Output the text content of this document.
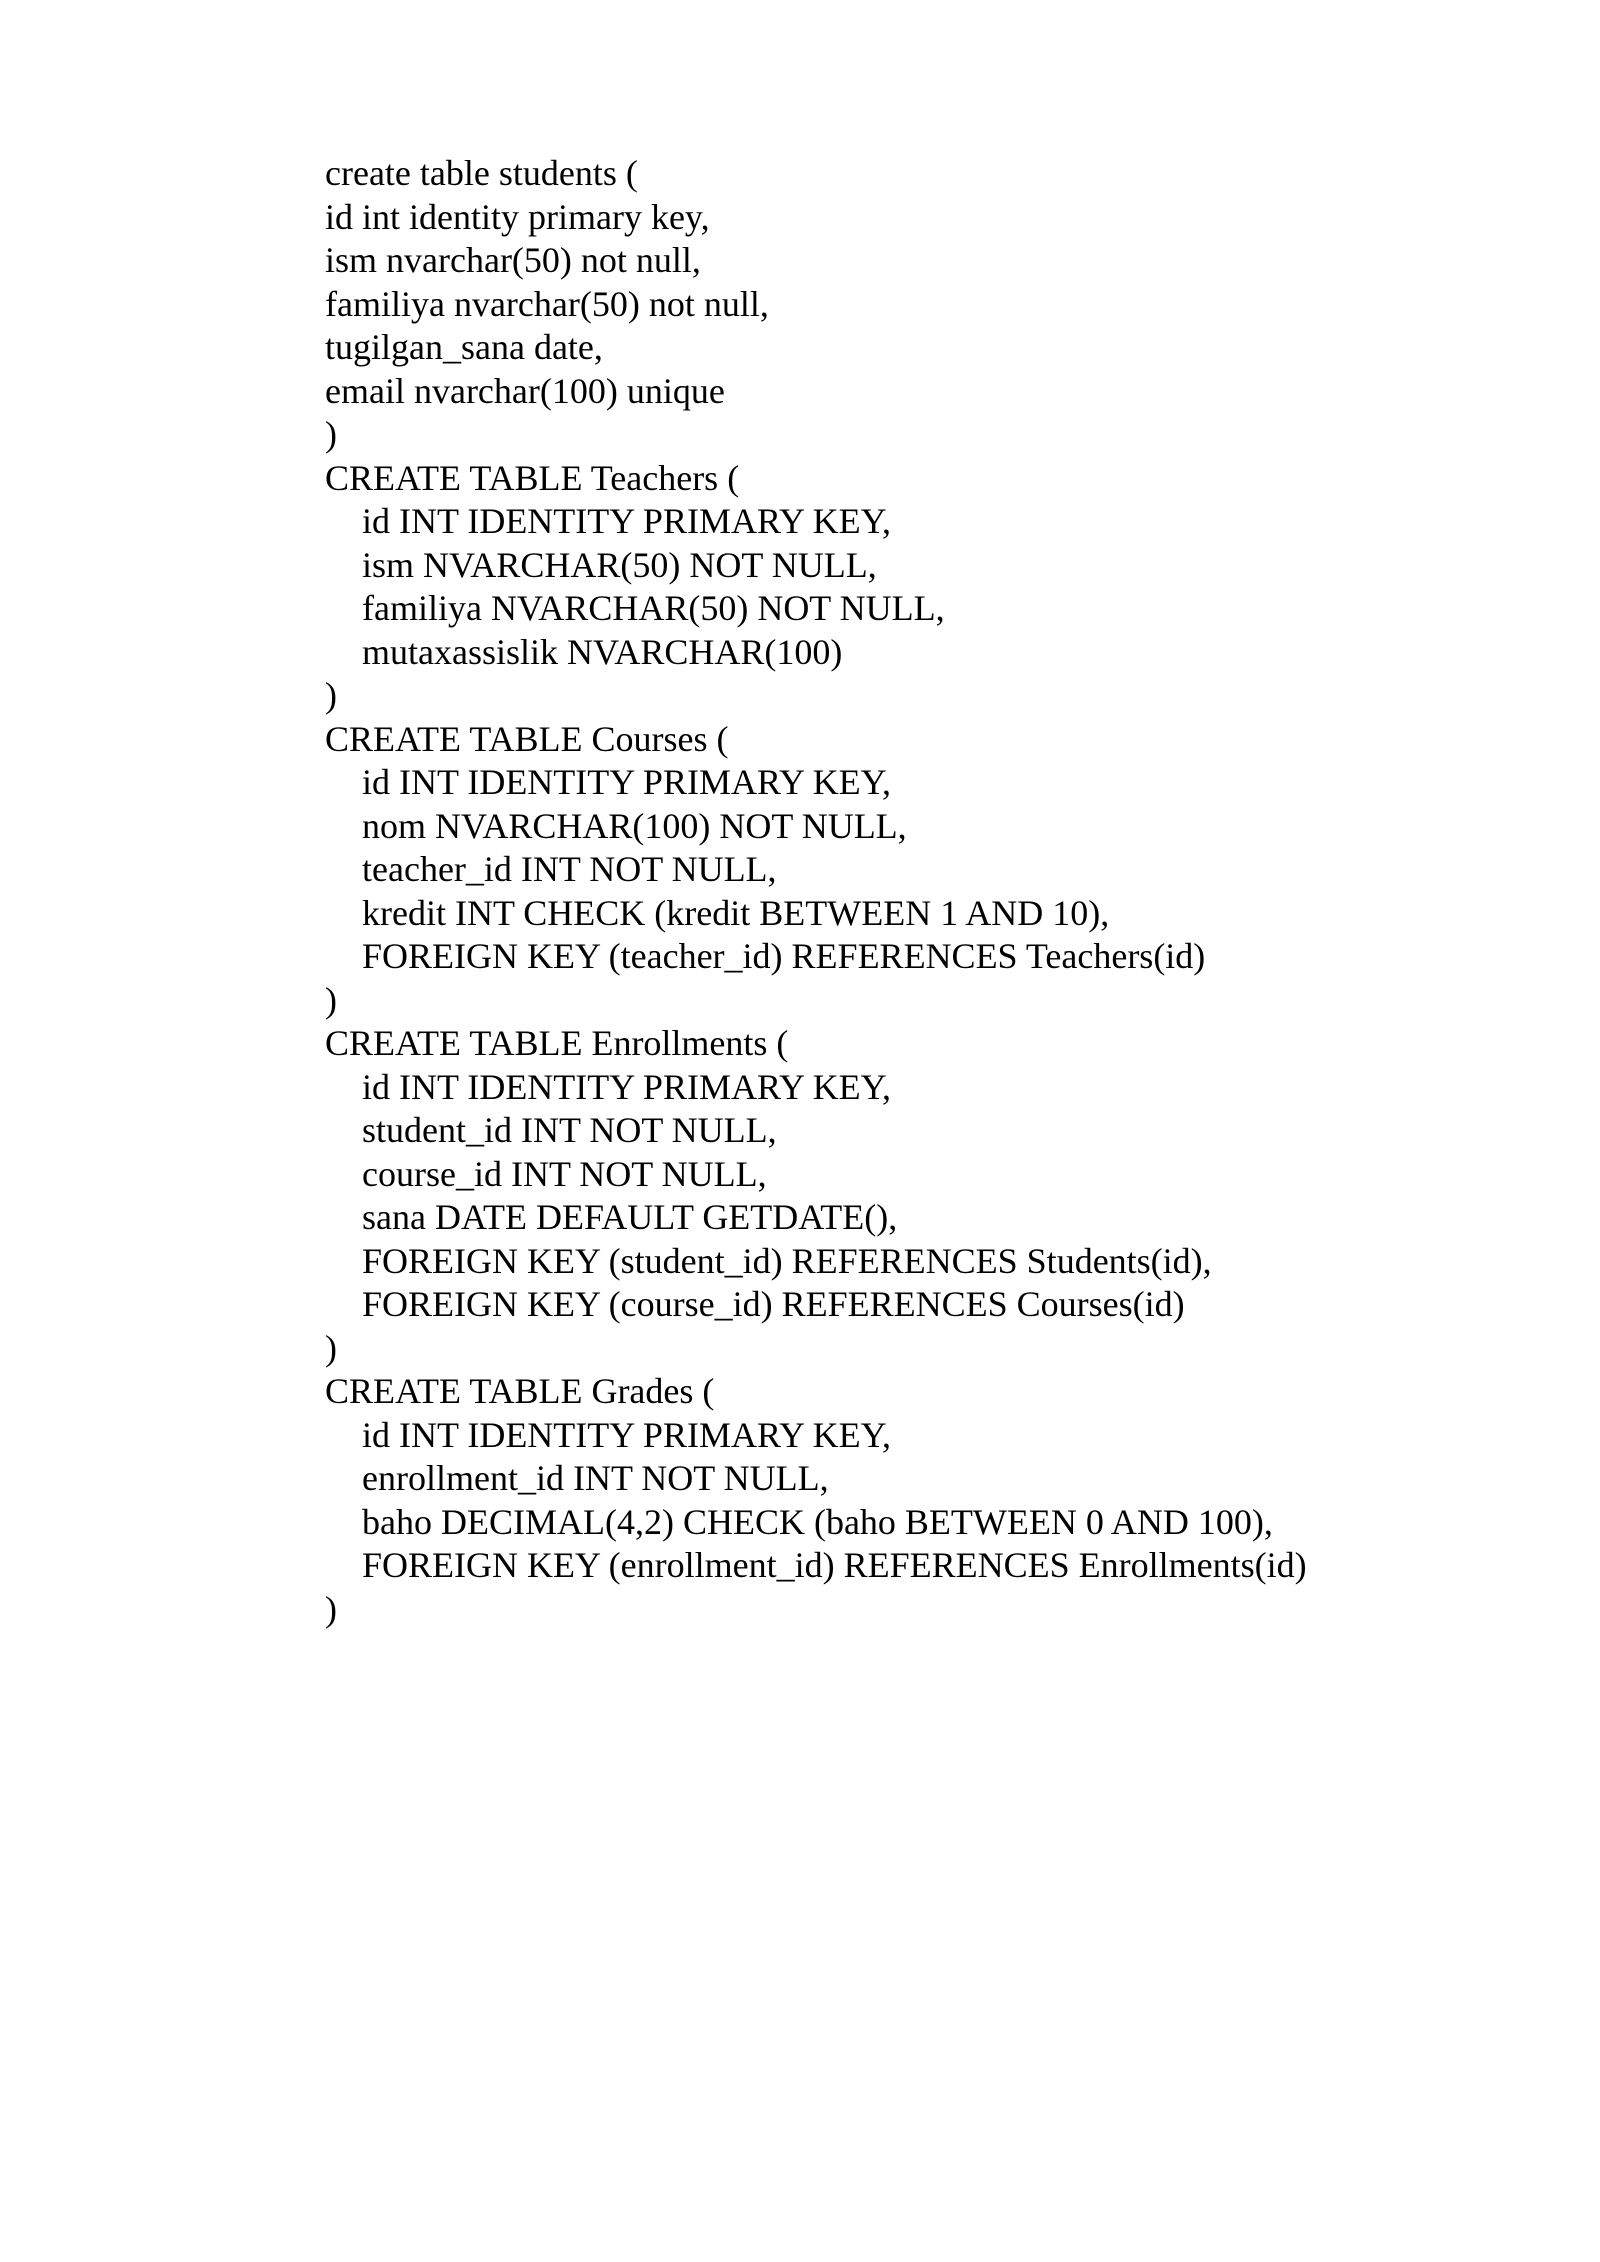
create table students (
id int identity primary key,
ism nvarchar(50) not null,
familiya nvarchar(50) not null,
tugilgan_sana date,
email nvarchar(100) unique
)
CREATE TABLE Teachers (
id INT IDENTITY PRIMARY KEY,
ism NVARCHAR(50) NOT NULL,
familiya NVARCHAR(50) NOT NULL,
mutaxassislik NVARCHAR(100)
)
CREATE TABLE Courses (
id INT IDENTITY PRIMARY KEY,
nom NVARCHAR(100) NOT NULL,
teacher_id INT NOT NULL,
kredit INT CHECK (kredit BETWEEN 1 AND 10),
FOREIGN KEY (teacher_id) REFERENCES Teachers(id)
)
CREATE TABLE Enrollments (
id INT IDENTITY PRIMARY KEY,
student_id INT NOT NULL,
course_id INT NOT NULL,
sana DATE DEFAULT GETDATE(),
FOREIGN KEY (student_id) REFERENCES Students(id),
FOREIGN KEY (course_id) REFERENCES Courses(id)
)
CREATE TABLE Grades (
id INT IDENTITY PRIMARY KEY,
enrollment_id INT NOT NULL,
baho DECIMAL(4,2) CHECK (baho BETWEEN 0 AND 100),
FOREIGN KEY (enrollment_id) REFERENCES Enrollments(id)
)
